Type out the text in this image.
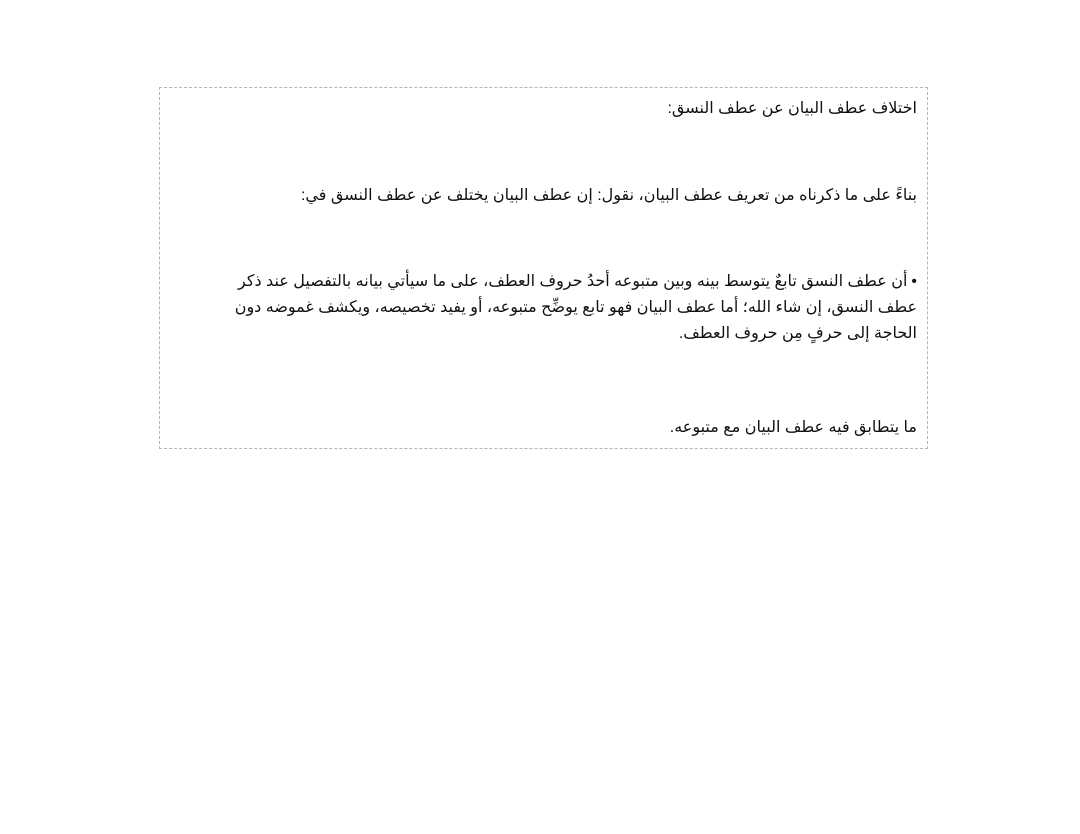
اختلاف عطف البيان عن عطف النسق:

بناءً على ما ذكرناه من تعريف عطف البيان، نقول: إن عطف البيان يختلف عن عطف النسق في:

•أن عطف النسق تابعٌ يتوسط بينه وبين متبوعه أحدُ حروف العطف، على ما سيأتي بيانه بالتفصيل عند ذكر
عطف النسق، إن شاء الله؛ أما عطف البيان فهو تابع يوضِّح متبوعه، أو يفيد تخصيصه، ويكشف غموضه دون
الحاجة إلى حرفٍ مِن حروف العطف.

ما يتطابق فيه عطف البيان مع متبوعه.
